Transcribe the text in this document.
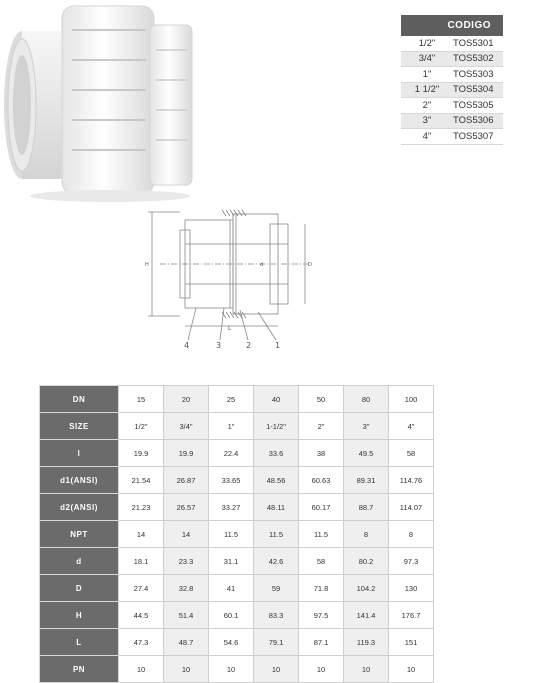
CODIGO	
1/2"	TOS5301
3/4"	TOS5302
1"	TOS5303
1 1/2"	TOS5304
2"	TOS5305
3"	TOS5306
4"	TOS5307
4	3	2	1
L
d	D
H
DN	15	20	25	40	50	80	100
SIZE	1/2"	3/4"	1"	1-1/2"	2"	3"	4"
l	19.9	19.9	22.4	33.6	38	49.5	58
d1(ANSI)	21.54	26.87	33.65	48.56	60.63	89.31	114.76
d2(ANSI)	21.23	26.57	33.27	48.11	60.17	88.7	114.07
NPT	14	14	11.5	11.5	11.5	8	8
d	18.1	23.3	31.1	42.6	58	80.2	97.3
D	27.4	32.8	41	59	71.8	104.2	130
H	44.5	51.4	60.1	83.3	97.5	141.4	176.7
L	47.3	48.7	54.6	79.1	87.1	119.3	151
PN	10	10	10	10	10	10	10
